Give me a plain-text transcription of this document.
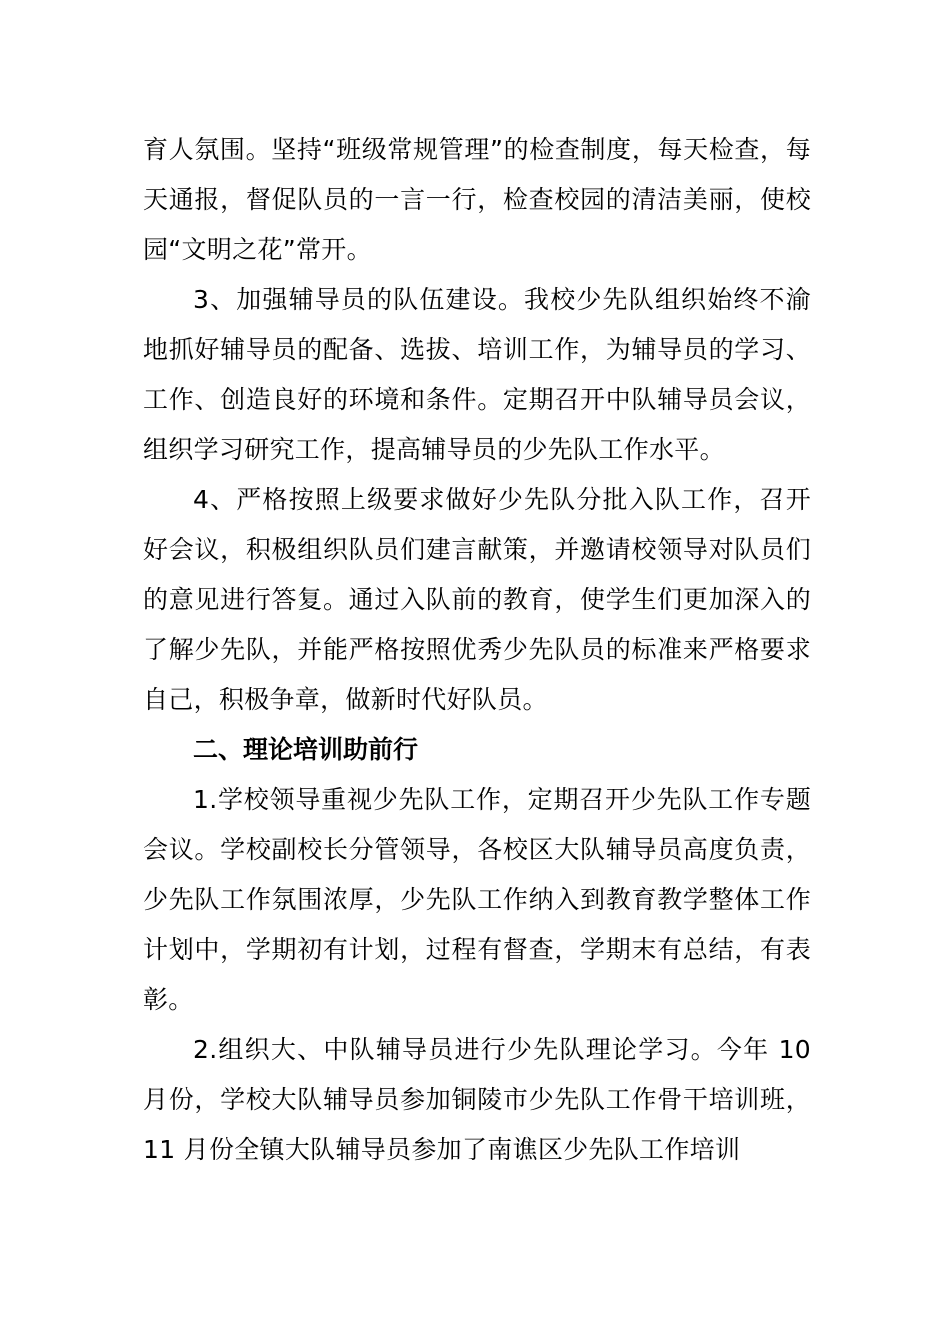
育人氛围。坚持“班级常规管理”的检查制度，每天检查，每天通报，督促队员的一言一行，检查校园的清洁美丽，使校园“文明之花”常开。

3、加强辅导员的队伍建设。我校少先队组织始终不渝地抓好辅导员的配备、选拔、培训工作，为辅导员的学习、工作、创造良好的环境和条件。定期召开中队辅导员会议，组织学习研究工作，提高辅导员的少先队工作水平。

4、严格按照上级要求做好少先队分批入队工作，召开好会议，积极组织队员们建言献策，并邀请校领导对队员们的意见进行答复。通过入队前的教育，使学生们更加深入的了解少先队，并能严格按照优秀少先队员的标准来严格要求自己，积极争章，做新时代好队员。

二、理论培训助前行

1.学校领导重视少先队工作，定期召开少先队工作专题会议。学校副校长分管领导，各校区大队辅导员高度负责，少先队工作氛围浓厚，少先队工作纳入到教育教学整体工作计划中，学期初有计划，过程有督查，学期末有总结，有表彰。

2.组织大、中队辅导员进行少先队理论学习。今年 10 月份，学校大队辅导员参加铜陵市少先队工作骨干培训班，11 月份全镇大队辅导员参加了南谯区少先队工作培训
